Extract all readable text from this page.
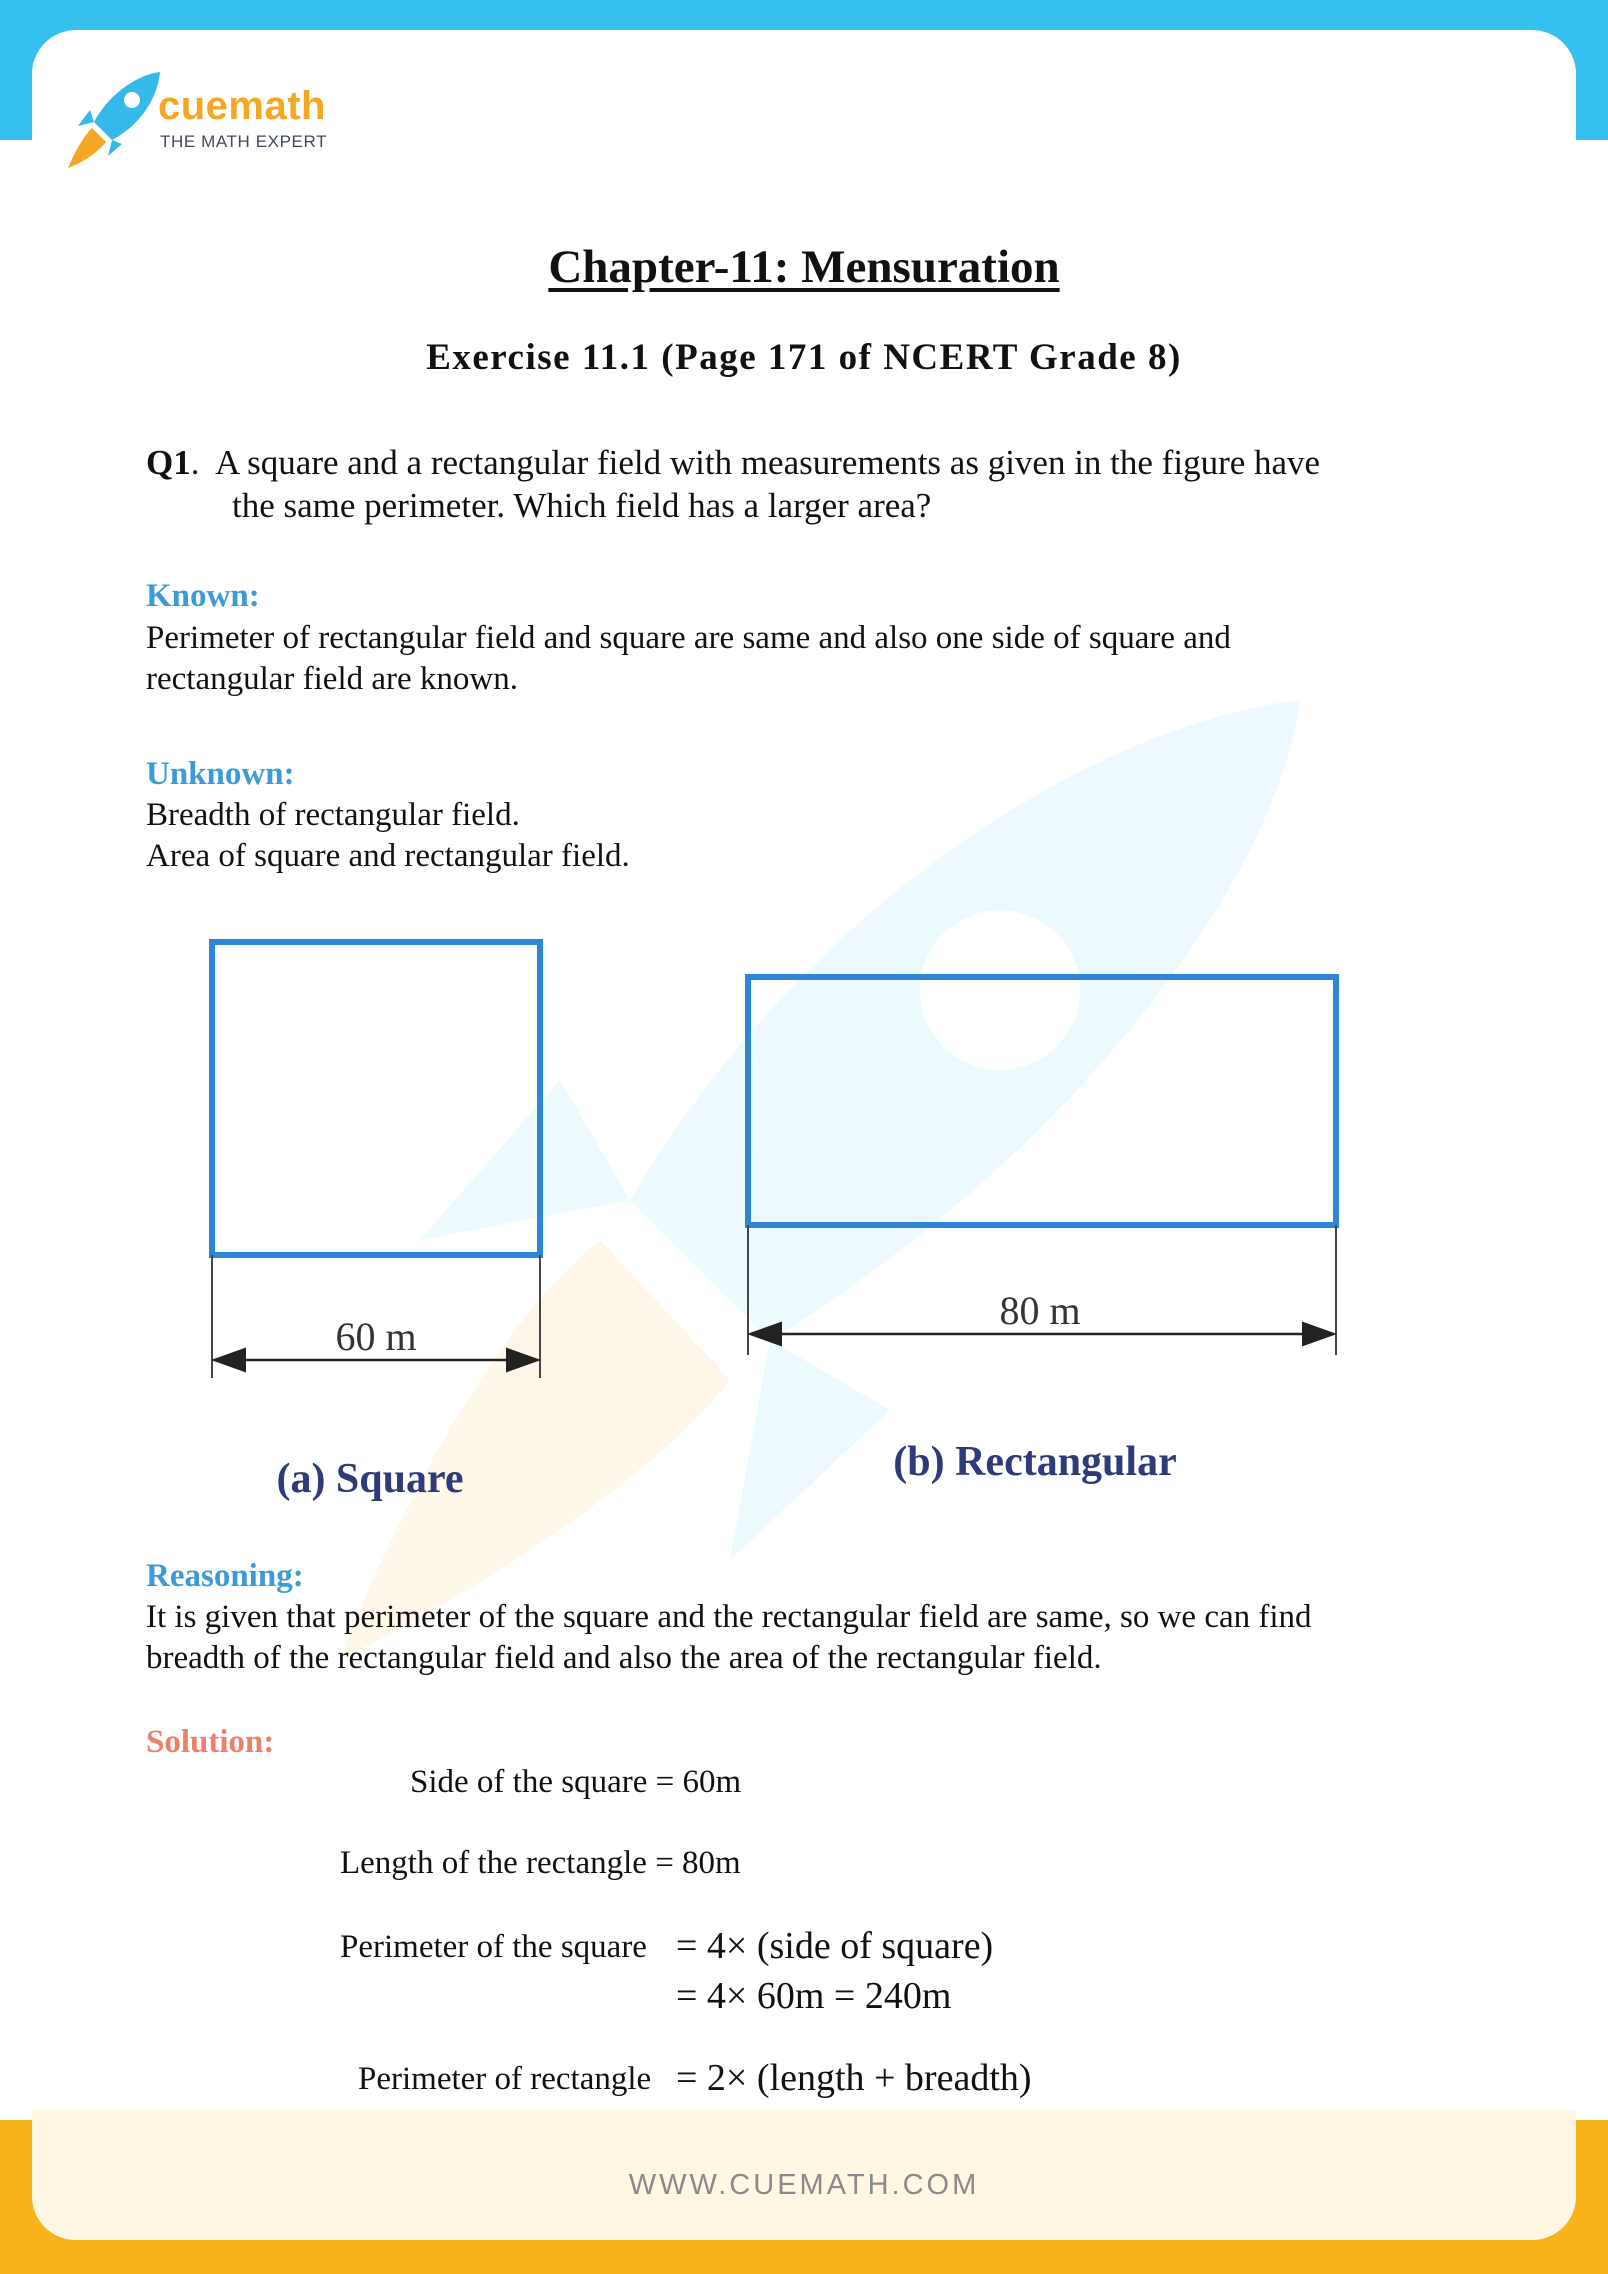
WWW.CUEMATH.COM
cuemath
THE MATH EXPERT
Chapter-11: Mensuration
Exercise 11.1 (Page 171 of NCERT Grade 8)
Q1.  A square and a rectangular field with measurements as given in the figure have
the same perimeter. Which field has a larger area?
Known:
Perimeter of rectangular field and square are same and also one side of square and
rectangular field are known.
Unknown:
Breadth of rectangular field.
Area of square and rectangular field.
60 m
(a) Square
80 m
(b) Rectangular
Reasoning:
It is given that perimeter of the square and the rectangular field are same, so we can find
breadth of the rectangular field and also the area of the rectangular field.
Solution:
Side of the square = 60m
Length of the rectangle = 80m
Perimeter of the square = 4× (side of square)
= 4× 60m = 240m
Perimeter of rectangle = 2× (length + breadth)
